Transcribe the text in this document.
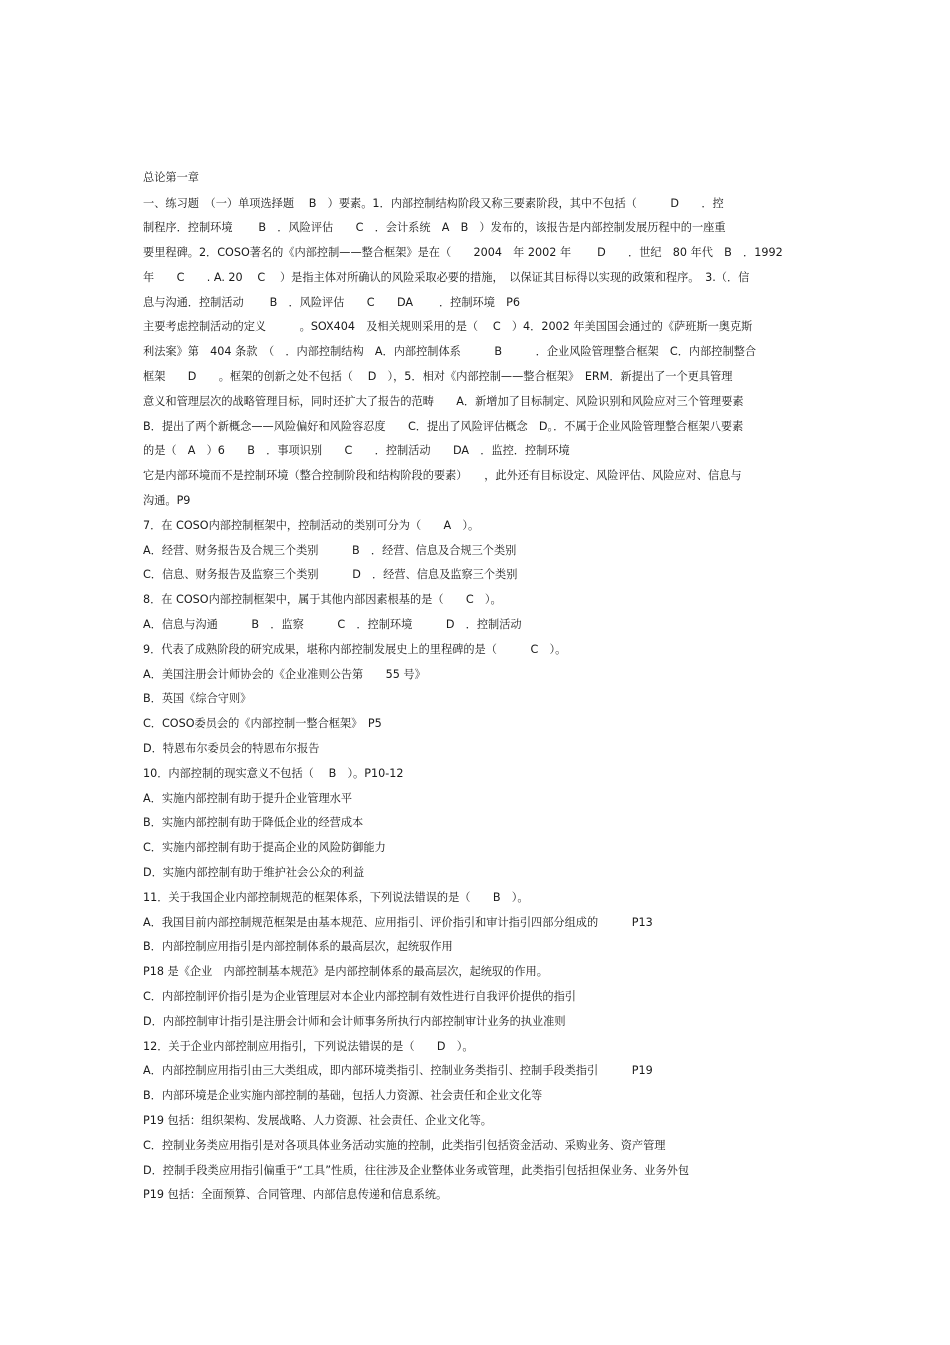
总论第一章
一、练习题　（一）单项选择题　 B　）要素。1．内部控制结构阶段又称三要素阶段，其中不包括（　　　D　　．控
制程序．控制环境　　 B　．风险评估　　C　．会计系统　A　B　）发布的，该报告是内部控制发展历程中的一座重
要里程碑。2．COSO著名的《内部控制——整合框架》是在（　　2004　年 2002 年　　 D　　．世纪　80 年代　B　．1992
年　　C　　. A. 20　 C　 ）是指主体对所确认的风险采取必要的措施，　以保证其目标得以实现的政策和程序。　3.（．信
息与沟通．控制活动　　 B　．风险评估　　C　　DA　　 ．控制环境　P6
主要考虑控制活动的定义　　　。SOX404　及相关规则采用的是（　 C　）4．2002 年美国国会通过的《萨班斯一奥克斯
利法案》第　404 条款　（　．内部控制结构　A．内部控制体系　　　B　　　．企业风险管理整合框架　C．内部控制整合
框架　　D　　。框架的创新之处不包括（　 D　），5．相对《内部控制——整合框架》　ERM．新提出了一个更具管理
意义和管理层次的战略管理目标，同时还扩大了报告的范畴　　A．新增加了目标制定、风险识别和风险应对三个管理要素
B．提出了两个新概念——风险偏好和风险容忍度　　C．提出了风险评估概念　D。．不属于企业风险管理整合框架八要素
的是（　A　）6　　B　．事项识别　　C　　．控制活动　　DA　．监控．控制环境
它是内部环境而不是控制环境（整合控制阶段和结构阶段的要素）　　，此外还有目标设定、风险评估、风险应对、信息与
沟通。P9
7．在 COSO内部控制框架中，控制活动的类别可分为（　　A　）。
A．经营、财务报告及合规三个类别　　　B　．经营、信息及合规三个类别
C．信息、财务报告及监察三个类别　　　D　．经营、信息及监察三个类别
8．在 COSO内部控制框架中，属于其他内部因素根基的是（　　C　）。
A．信息与沟通　　　B　．监察　　　C　．控制环境　　　D　．控制活动
9．代表了成熟阶段的研究成果，堪称内部控制发展史上的里程碑的是（　　　C　）。
A．美国注册会计师协会的《企业准则公告第　　55 号》
B．英国《综合守则》
C．COSO委员会的《内部控制一整合框架》　P5
D．特恩布尔委员会的特恩布尔报告
10．内部控制的现实意义不包括（　 B　）。P10-12
A．实施内部控制有助于提升企业管理水平
B．实施内部控制有助于降低企业的经营成本
C．实施内部控制有助于提高企业的风险防御能力
D．实施内部控制有助于维护社会公众的利益
11．关于我国企业内部控制规范的框架体系，下列说法错误的是（　　B　）。
A．我国目前内部控制规范框架是由基本规范、应用指引、评价指引和审计指引四部分组成的　　　P13
B．内部控制应用指引是内部控制体系的最高层次，起统驭作用
P18 是《企业　内部控制基本规范》是内部控制体系的最高层次，起统驭的作用。
C．内部控制评价指引是为企业管理层对本企业内部控制有效性进行自我评价提供的指引
D．内部控制审计指引是注册会计师和会计师事务所执行内部控制审计业务的执业准则
12．关于企业内部控制应用指引，下列说法错误的是（　　D　）。
A．内部控制应用指引由三大类组成，即内部环境类指引、控制业务类指引、控制手段类指引　　　P19
B．内部环境是企业实施内部控制的基础，包括人力资源、社会责任和企业文化等
P19 包括：组织架构、发展战略、人力资源、社会责任、企业文化等。
C．控制业务类应用指引是对各项具体业务活动实施的控制，此类指引包括资金活动、采购业务、资产管理
D．控制手段类应用指引偏重于“工具”性质，往往涉及企业整体业务或管理，此类指引包括担保业务、业务外包
P19 包括：全面预算、合同管理、内部信息传递和信息系统。
